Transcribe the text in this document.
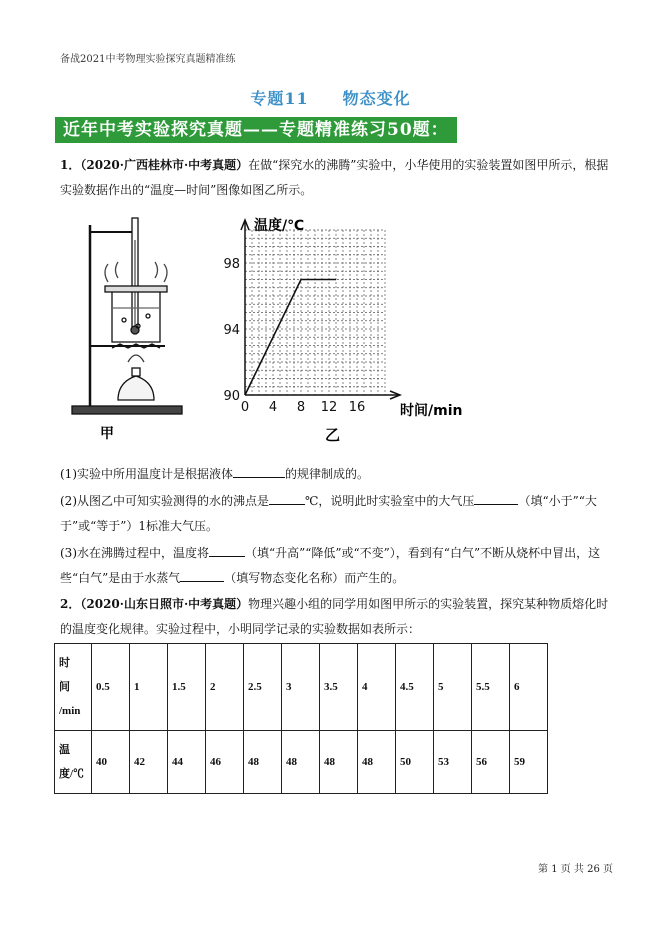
备战2021中考物理实验探究真题精准练
专题11　　物态变化
近年中考实验探究真题——专题精准练习50题：
1．（2020·广西桂林市·中考真题）在做“探究水的沸腾”实验中，小华使用的实验装置如图甲所示，根据实验数据作出的“温度—时间”图像如图乙所示。
甲
0 4 8 12 16
90
94
98
温度/℃
时间/min
乙
(1)实验中所用温度计是根据液体	的规律制成的。
(2)从图乙中可知实验测得的水的沸点是	℃，说明此时实验室中的大气压	（填“小于”“大于”或“等于”）1标准大气压。
(3)水在沸腾过程中，温度将	（填“升高”“降低”或“不变”），看到有“白气”不断从烧杯中冒出，这些“白气”是由于水蒸气	（填写物态变化名称）而产生的。
2．（2020·山东日照市·中考真题）物理兴趣小组的同学用如图甲所示的实验装置，探究某种物质熔化时的温度变化规律。实验过程中，小明同学记录的实验数据如表所示：
时
间
/min	0.5	1	1.5	2	2.5	3	3.5	4	4.5	5	5.5	6

温
度/℃	40	42	44	46	48	48	48	48	50	53	56	59
第 1 页 共 26 页
